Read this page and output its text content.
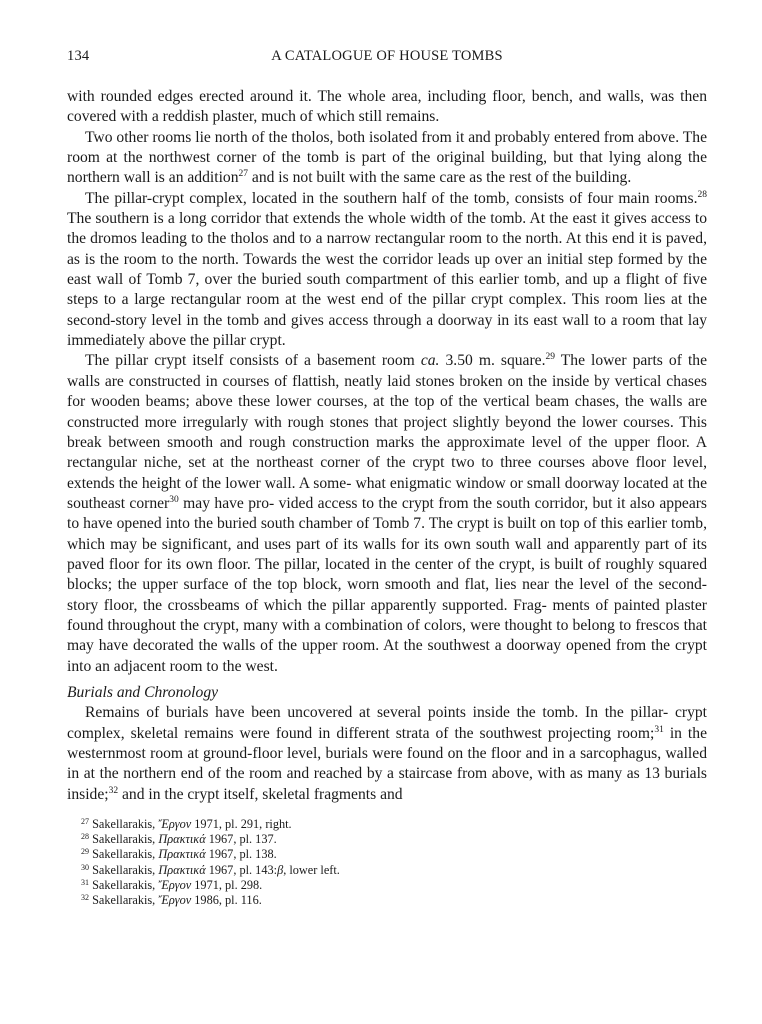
134	A CATALOGUE OF HOUSE TOMBS

with rounded edges erected around it. The whole area, including floor, bench, and walls, was then covered with a reddish plaster, much of which still remains.

Two other rooms lie north of the tholos, both isolated from it and probably entered from above. The room at the northwest corner of the tomb is part of the original building, but that lying along the northern wall is an addition$^{27}$ and is not built with the same care as the rest of the building.

The pillar-crypt complex, located in the southern half of the tomb, consists of four main rooms.$^{28}$ The southern is a long corridor that extends the whole width of the tomb. At the east it gives access to the dromos leading to the tholos and to a narrow rectangular room to the north. At this end it is paved, as is the room to the north. Towards the west the corridor leads up over an initial step formed by the east wall of Tomb 7, over the buried south compartment of this earlier tomb, and up a flight of five steps to a large rectangular room at the west end of the pillar crypt complex. This room lies at the second-story level in the tomb and gives access through a doorway in its east wall to a room that lay immediately above the pillar crypt.

The pillar crypt itself consists of a basement room ca. 3.50 m. square.$^{29}$ The lower parts of the walls are constructed in courses of flattish, neatly laid stones broken on the inside by vertical chases for wooden beams; above these lower courses, at the top of the vertical beam chases, the walls are constructed more irregularly with rough stones that project slightly beyond the lower courses. This break between smooth and rough construction marks the approximate level of the upper floor. A rectangular niche, set at the northeast corner of the crypt two to three courses above floor level, extends the height of the lower wall. A some- what enigmatic window or small doorway located at the southeast corner$^{30}$ may have pro- vided access to the crypt from the south corridor, but it also appears to have opened into the buried south chamber of Tomb 7. The crypt is built on top of this earlier tomb, which may be significant, and uses part of its walls for its own south wall and apparently part of its paved floor for its own floor. The pillar, located in the center of the crypt, is built of roughly squared blocks; the upper surface of the top block, worn smooth and flat, lies near the level of the second-story floor, the crossbeams of which the pillar apparently supported. Frag- ments of painted plaster found throughout the crypt, many with a combination of colors, were thought to belong to frescos that may have decorated the walls of the upper room. At the southwest a doorway opened from the crypt into an adjacent room to the west.

Burials and Chronology

Remains of burials have been uncovered at several points inside the tomb. In the pillar- crypt complex, skeletal remains were found in different strata of the southwest projecting room;$^{31}$ in the westernmost room at ground-floor level, burials were found on the floor and in a sarcophagus, walled in at the northern end of the room and reached by a staircase from above, with as many as 13 burials inside;$^{32}$ and in the crypt itself, skeletal fragments and

$^{27}$ Sakellarakis, Ἔργον 1971, pl. 291, right.

$^{28}$ Sakellarakis, Πρακτικά 1967, pl. 137.

$^{29}$ Sakellarakis, Πρακτικά 1967, pl. 138.

$^{30}$ Sakellarakis, Πρακτικά 1967, pl. 143:β, lower left.

$^{31}$ Sakellarakis, Ἔργον 1971, pl. 298.

$^{32}$ Sakellarakis, Ἔργον 1986, pl. 116.
